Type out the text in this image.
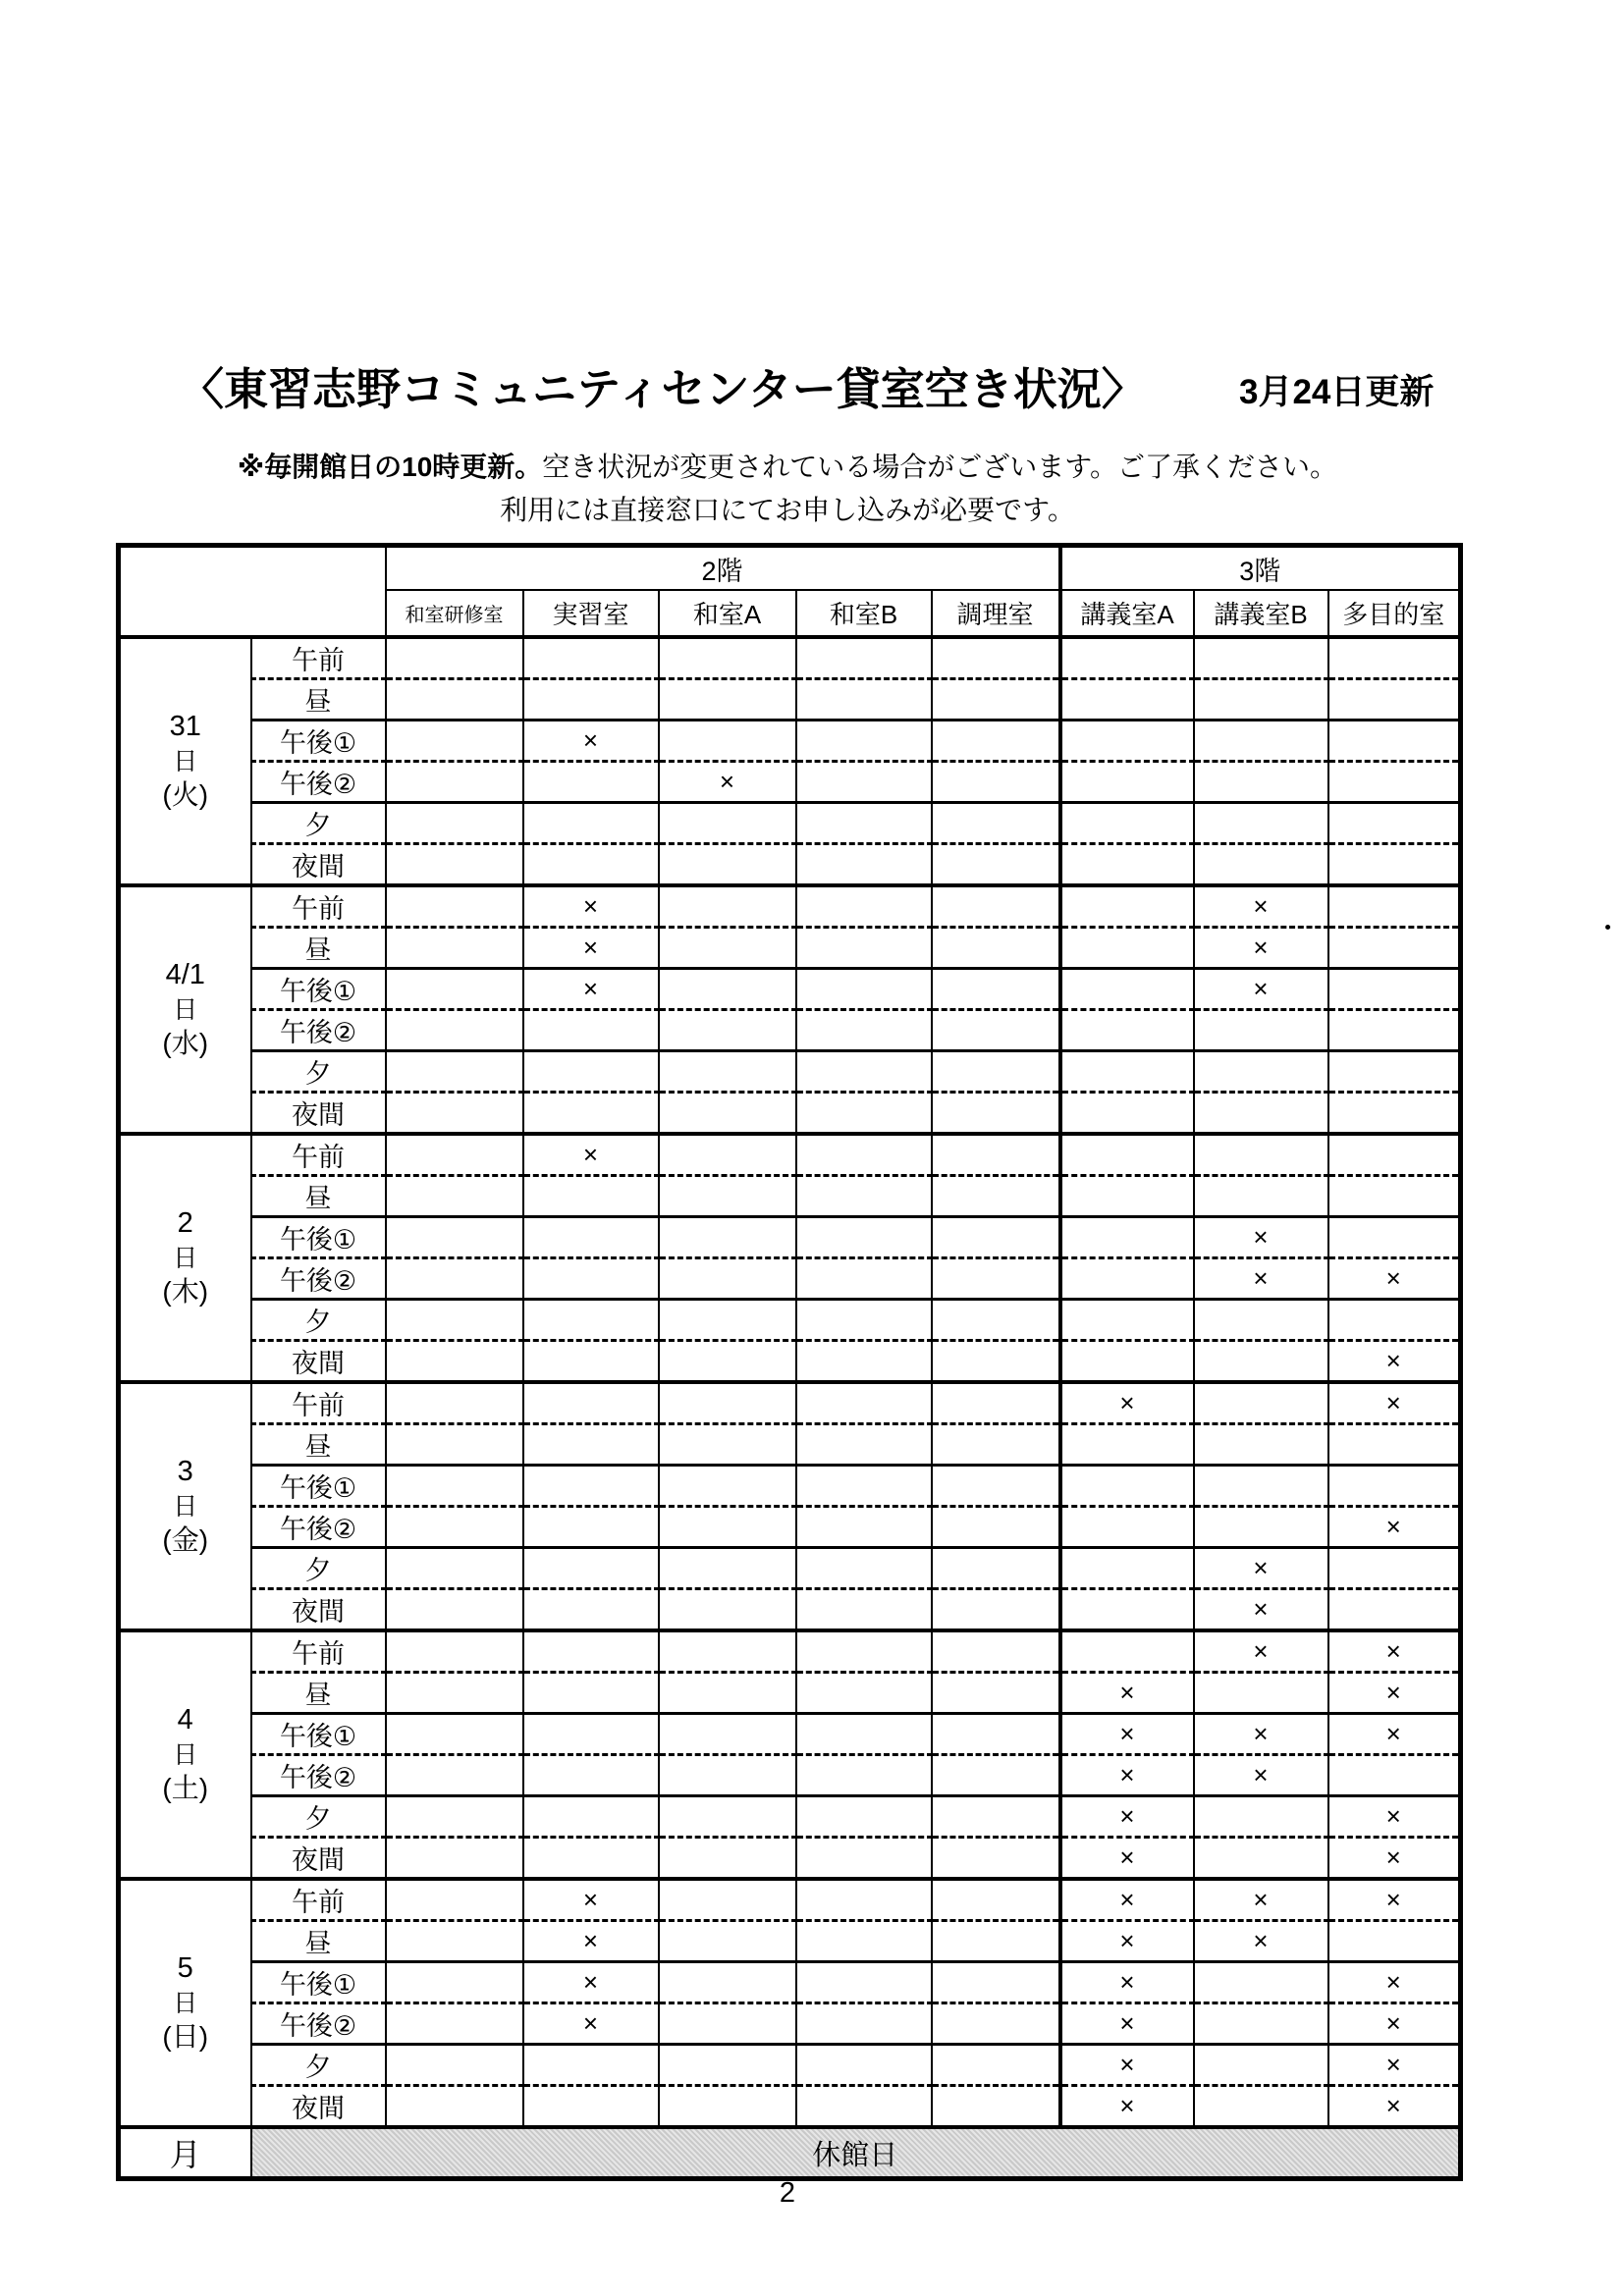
〈東習志野コミュニティセンター貸室空き状況〉	3月24日更新
※毎開館日の10時更新。空き状況が変更されている場合がございます。ご了承ください。
利用には直接窓口にてお申し込みが必要です。
		2階					3階		
		和室研修室	実習室	和室A	和室B	調理室	講義室A	講義室B	多目的室

31
日
(火)	午前								
	昼								
	午後①		×						
	午後②			×					
	夕								
	夜間								

4/1
日
(水)	午前		×					×	
	昼		×					×	
	午後①		×					×	
	午後②								
	夕								
	夜間								

2
日
(木)	午前		×						
	昼								
	午後①							×	
	午後②							×	×
	夕								
	夜間								×

3
日
(金)	午前						×		×
	昼								
	午後①								
	午後②								×
	夕							×	
	夜間							×	

4
日
(土)	午前							×	×
	昼						×		×
	午後①						×	×	×
	午後②						×	×	
	夕						×		×
	夜間						×		×

5
日
(日)	午前		×				×	×	×
	昼		×				×	×	
	午後①		×				×		×
	午後②		×				×		×
	夕						×		×
	夜間						×		×
月	休館日								
2
